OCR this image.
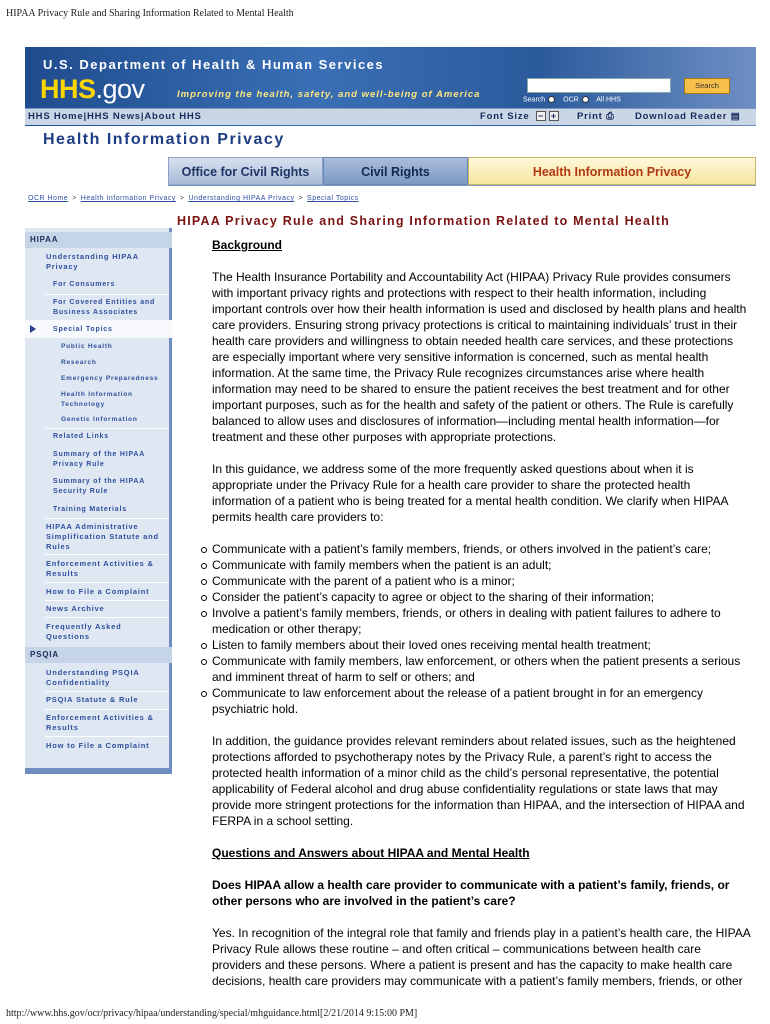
HIPAA Privacy Rule and Sharing Information Related to Mental Health
U.S. Department of Health & Human Services
HHS.gov	Improving the health, safety, and well-being of America
Search
Search	OCR	All HHS
HHS Home|HHS News|About HHS	Font Size − + Print ⎙ Download Reader ▤
Health Information Privacy
Office for Civil Rights	Civil Rights	Health Information Privacy
OCR Home > Health Information Privacy > Understanding HIPAA Privacy > Special Topics
HIPAA
Understanding HIPAA Privacy
For Consumers
For Covered Entities and Business Associates
Special Topics
Public Health
Research
Emergency Preparedness
Health Information Technology
Genetic Information
Related Links
Summary of the HIPAA Privacy Rule
Summary of the HIPAA Security Rule
Training Materials
HIPAA Administrative Simplification Statute and Rules
Enforcement Activities & Results
How to File a Complaint
News Archive
Frequently Asked Questions
PSQIA
Understanding PSQIA Confidentiality
PSQIA Statute & Rule
Enforcement Activities & Results
How to File a Complaint
HIPAA Privacy Rule and Sharing Information Related to Mental Health
Background

The Health Insurance Portability and Accountability Act (HIPAA) Privacy Rule provides consumers with important privacy rights and protections with respect to their health information, including important controls over how their health information is used and disclosed by health plans and health care providers. Ensuring strong privacy protections is critical to maintaining individuals’ trust in their health care providers and willingness to obtain needed health care services, and these protections are especially important where very sensitive information is concerned, such as mental health information. At the same time, the Privacy Rule recognizes circumstances arise where health information may need to be shared to ensure the patient receives the best treatment and for other important purposes, such as for the health and safety of the patient or others. The Rule is carefully balanced to allow uses and disclosures of information—including mental health information—for treatment and these other purposes with appropriate protections.

In this guidance, we address some of the more frequently asked questions about when it is appropriate under the Privacy Rule for a health care provider to share the protected health information of a patient who is being treated for a mental health condition. We clarify when HIPAA permits health care providers to:

Communicate with a patient’s family members, friends, or others involved in the patient’s care;
Communicate with family members when the patient is an adult;
Communicate with the parent of a patient who is a minor;
Consider the patient’s capacity to agree or object to the sharing of their information;
Involve a patient’s family members, friends, or others in dealing with patient failures to adhere to medication or other therapy;
Listen to family members about their loved ones receiving mental health treatment;
Communicate with family members, law enforcement, or others when the patient presents a serious and imminent threat of harm to self or others; and
Communicate to law enforcement about the release of a patient brought in for an emergency psychiatric hold.

In addition, the guidance provides relevant reminders about related issues, such as the heightened protections afforded to psychotherapy notes by the Privacy Rule, a parent’s right to access the protected health information of a minor child as the child’s personal representative, the potential applicability of Federal alcohol and drug abuse confidentiality regulations or state laws that may provide more stringent protections for the information than HIPAA, and the intersection of HIPAA and FERPA in a school setting.

Questions and Answers about HIPAA and Mental Health

Does HIPAA allow a health care provider to communicate with a patient’s family, friends, or other persons who are involved in the patient’s care?

Yes. In recognition of the integral role that family and friends play in a patient’s health care, the HIPAA Privacy Rule allows these routine – and often critical – communications between health care providers and these persons. Where a patient is present and has the capacity to make health care decisions, health care providers may communicate with a patient’s family members, friends, or other

http://www.hhs.gov/ocr/privacy/hipaa/understanding/special/mhguidance.html[2/21/2014 9:15:00 PM]
